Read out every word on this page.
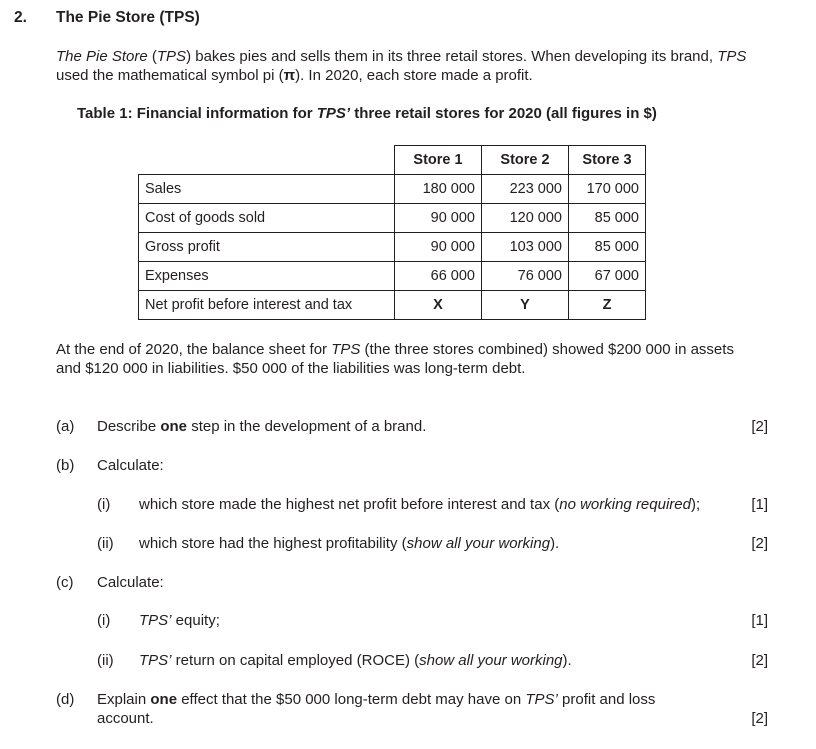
2. The Pie Store (TPS)
The Pie Store (TPS) bakes pies and sells them in its three retail stores. When developing its brand, TPS used the mathematical symbol pi (π). In 2020, each store made a profit.
Table 1: Financial information for TPS’ three retail stores for 2020 (all figures in $)
	Store 1	Store 2	Store 3
Sales	180 000	223 000	170 000
Cost of goods sold	90 000	120 000	85 000
Gross profit	90 000	103 000	85 000
Expenses	66 000	76 000	67 000
Net profit before interest and tax	X	Y	Z
At the end of 2020, the balance sheet for TPS (the three stores combined) showed $200 000 in assets and $120 000 in liabilities. $50 000 of the liabilities was long-term debt.
(a) Describe one step in the development of a brand.	[2]
(b) Calculate:
(i) which store made the highest net profit before interest and tax (no working required);	[1]
(ii) which store had the highest profitability (show all your working).	[2]
(c) Calculate:
(i) TPS’ equity;	[1]
(ii) TPS’ return on capital employed (ROCE) (show all your working).	[2]
(d) Explain one effect that the $50 000 long-term debt may have on TPS’ profit and loss account.	[2]
